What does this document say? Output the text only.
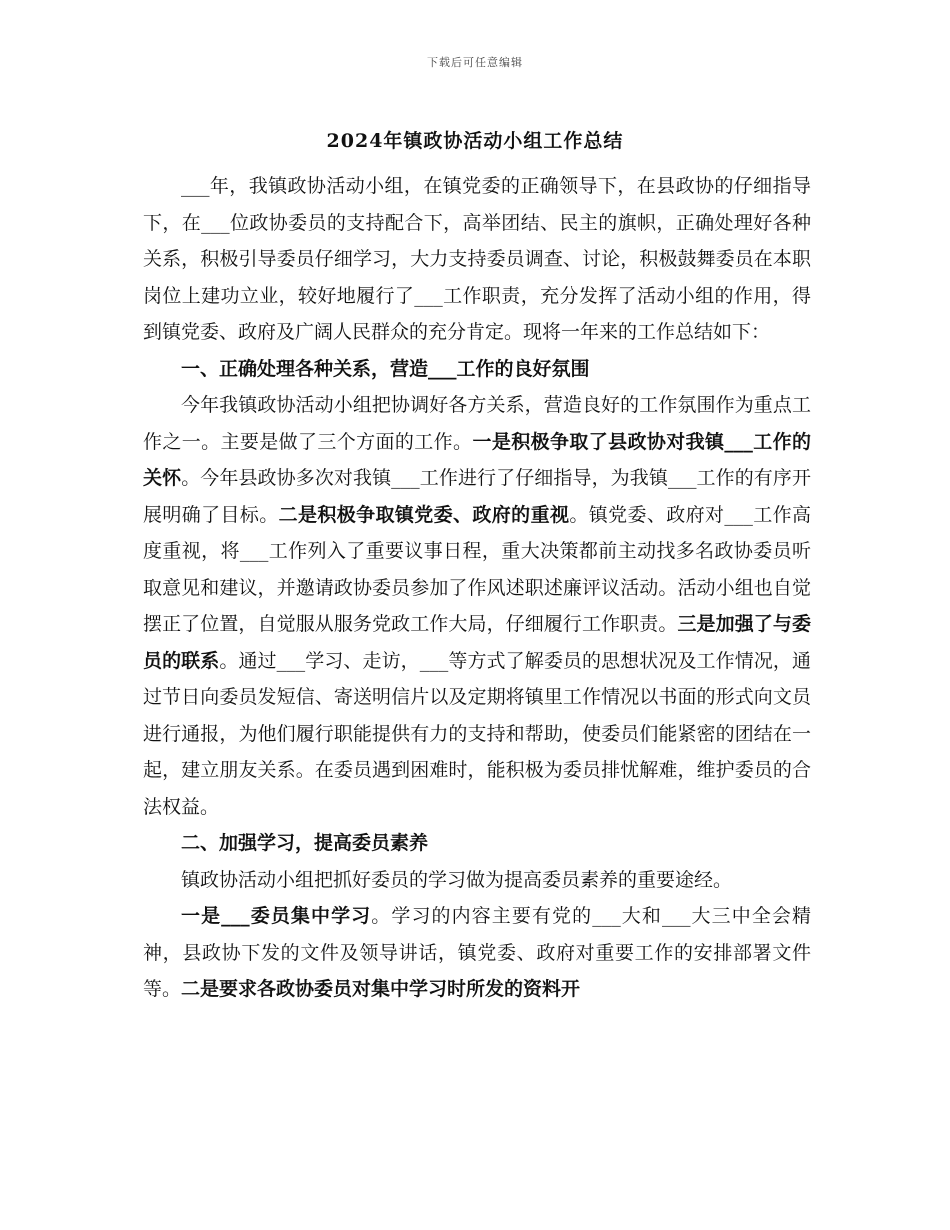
下载后可任意编辑
2024年镇政协活动小组工作总结

___年，我镇政协活动小组，在镇党委的正确领导下，在县政协的仔细指导下，在___位政协委员的支持配合下，高举团结、民主的旗帜，正确处理好各种关系，积极引导委员仔细学习，大力支持委员调查、讨论，积极鼓舞委员在本职岗位上建功立业，较好地履行了___工作职责，充分发挥了活动小组的作用，得到镇党委、政府及广阔人民群众的充分肯定。现将一年来的工作总结如下：

一、正确处理各种关系，营造___工作的良好氛围

今年我镇政协活动小组把协调好各方关系，营造良好的工作氛围作为重点工作之一。主要是做了三个方面的工作。一是积极争取了县政协对我镇___工作的关怀。今年县政协多次对我镇___工作进行了仔细指导，为我镇___工作的有序开展明确了目标。二是积极争取镇党委、政府的重视。镇党委、政府对___工作高度重视，将___工作列入了重要议事日程，重大决策都前主动找多名政协委员听取意见和建议，并邀请政协委员参加了作风述职述廉评议活动。活动小组也自觉摆正了位置，自觉服从服务党政工作大局，仔细履行工作职责。三是加强了与委员的联系。通过___学习、走访，___等方式了解委员的思想状况及工作情况，通过节日向委员发短信、寄送明信片以及定期将镇里工作情况以书面的形式向文员进行通报，为他们履行职能提供有力的支持和帮助，使委员们能紧密的团结在一起，建立朋友关系。在委员遇到困难时，能积极为委员排忧解难，维护委员的合法权益。

二、加强学习，提高委员素养

镇政协活动小组把抓好委员的学习做为提高委员素养的重要途经。

一是___委员集中学习。学习的内容主要有党的___大和___大三中全会精神，县政协下发的文件及领导讲话，镇党委、政府对重要工作的安排部署文件等。二是要求各政协委员对集中学习时所发的资料开
